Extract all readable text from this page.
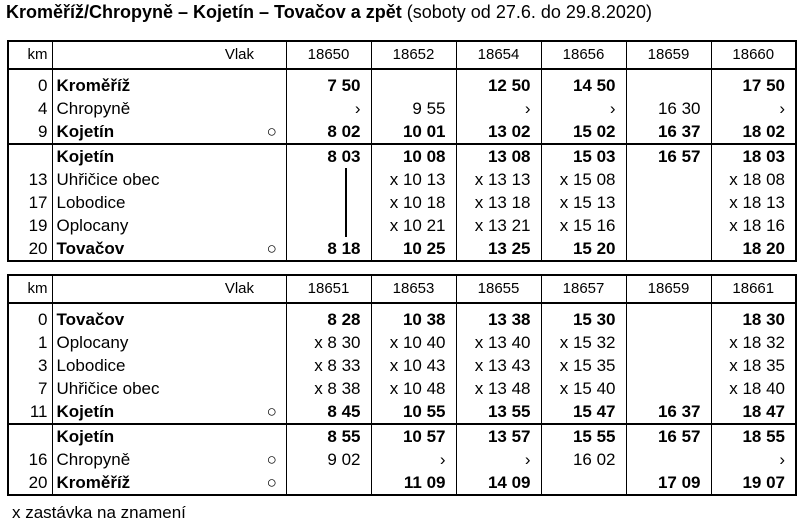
Kroměříž/Chropyně – Kojetín – Tovačov a zpět (soboty od 27.6. do 29.8.2020)
km	Vlak		18650	18652	18654	18656	18659	18660
0	Kroměříž		7 50		12 50	14 50		17 50
4	Chropyně		›	9 55	›	›	16 30	›
9	Kojetín	○	8 02	10 01	13 02	15 02	16 37	18 02
	Kojetín		8 03	10 08	13 08	15 03	16 57	18 03
13	Uhřičice obec			x 10 13	x 13 13	x 15 08		x 18 08
17	Lobodice			x 10 18	x 13 18	x 15 13		x 18 13
19	Oplocany			x 10 21	x 13 21	x 15 16		x 18 16
20	Tovačov	○	8 18	10 25	13 25	15 20		18 20
km	Vlak		18651	18653	18655	18657	18659	18661
0	Tovačov		8 28	10 38	13 38	15 30		18 30
1	Oplocany		x 8 30	x 10 40	x 13 40	x 15 32		x 18 32
3	Lobodice		x 8 33	x 10 43	x 13 43	x 15 35		x 18 35
7	Uhřičice obec		x 8 38	x 10 48	x 13 48	x 15 40		x 18 40
11	Kojetín	○	8 45	10 55	13 55	15 47	16 37	18 47
	Kojetín		8 55	10 57	13 57	15 55	16 57	18 55
16	Chropyně	○	9 02	›	›	16 02		›
20	Kroměříž	○		11 09	14 09		17 09	19 07
x zastávka na znamení
